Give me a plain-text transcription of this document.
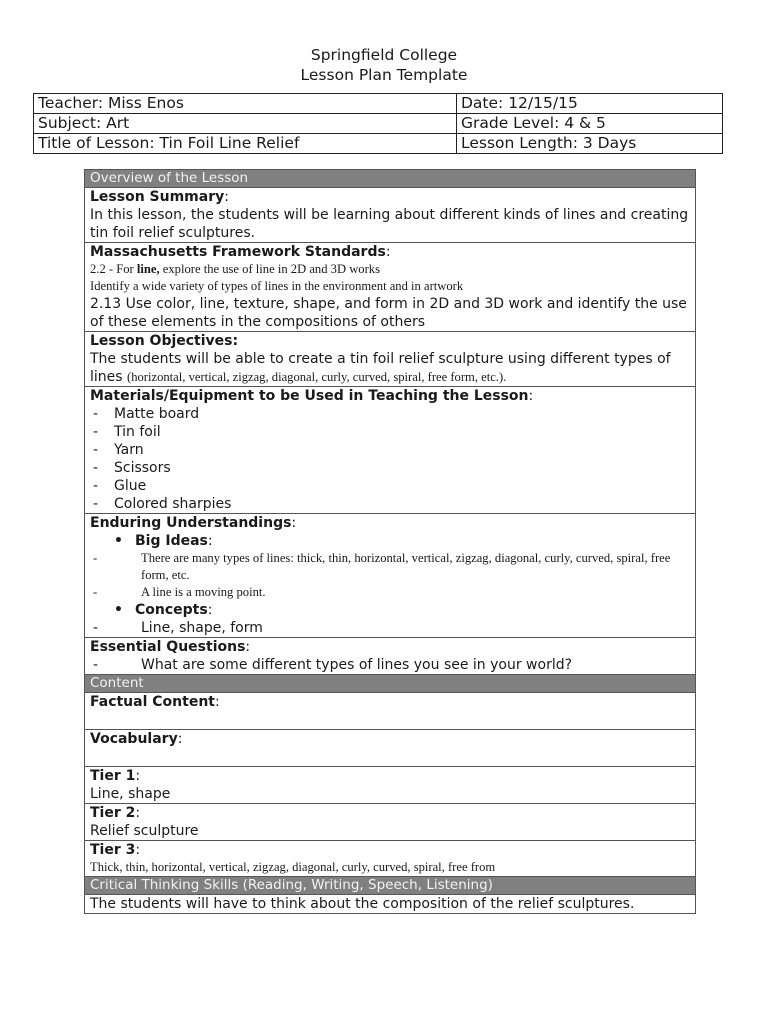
Springfield College
Lesson Plan Template
Teacher: Miss Enos	Date: 12/15/15
Subject: Art	Grade Level: 4 & 5
Title of Lesson: Tin Foil Line Relief	Lesson Length: 3 Days
Overview of the Lesson

Lesson Summary:
In this lesson, the students will be learning about different kinds of lines and creating tin foil relief sculptures.

Massachusetts Framework Standards:
2.2 - For line, explore the use of line in 2D and 3D works
Identify a wide variety of types of lines in the environment and in artwork
2.13 Use color, line, texture, shape, and form in 2D and 3D work and identify the use of these elements in the compositions of others

Lesson Objectives:
The students will be able to create a tin foil relief sculpture using different types of lines (horizontal, vertical, zigzag, diagonal, curly, curved, spiral, free form, etc.).

Materials/Equipment to be Used in Teaching the Lesson:
- Matte board
- Tin foil
- Yarn
- Scissors
- Glue
- Colored sharpies

Enduring Understandings:
• Big Ideas:
- There are many types of lines: thick, thin, horizontal, vertical, zigzag, diagonal, curly, curved, spiral, free form, etc.
- A line is a moving point.
• Concepts:
- Line, shape, form

Essential Questions:
- What are some different types of lines you see in your world?

Content

Factual Content:

Vocabulary:

Tier 1:
Line, shape

Tier 2:
Relief sculpture

Tier 3:
Thick, thin, horizontal, vertical, zigzag, diagonal, curly, curved, spiral, free from

Critical Thinking Skills (Reading, Writing, Speech, Listening)
The students will have to think about the composition of the relief sculptures.
